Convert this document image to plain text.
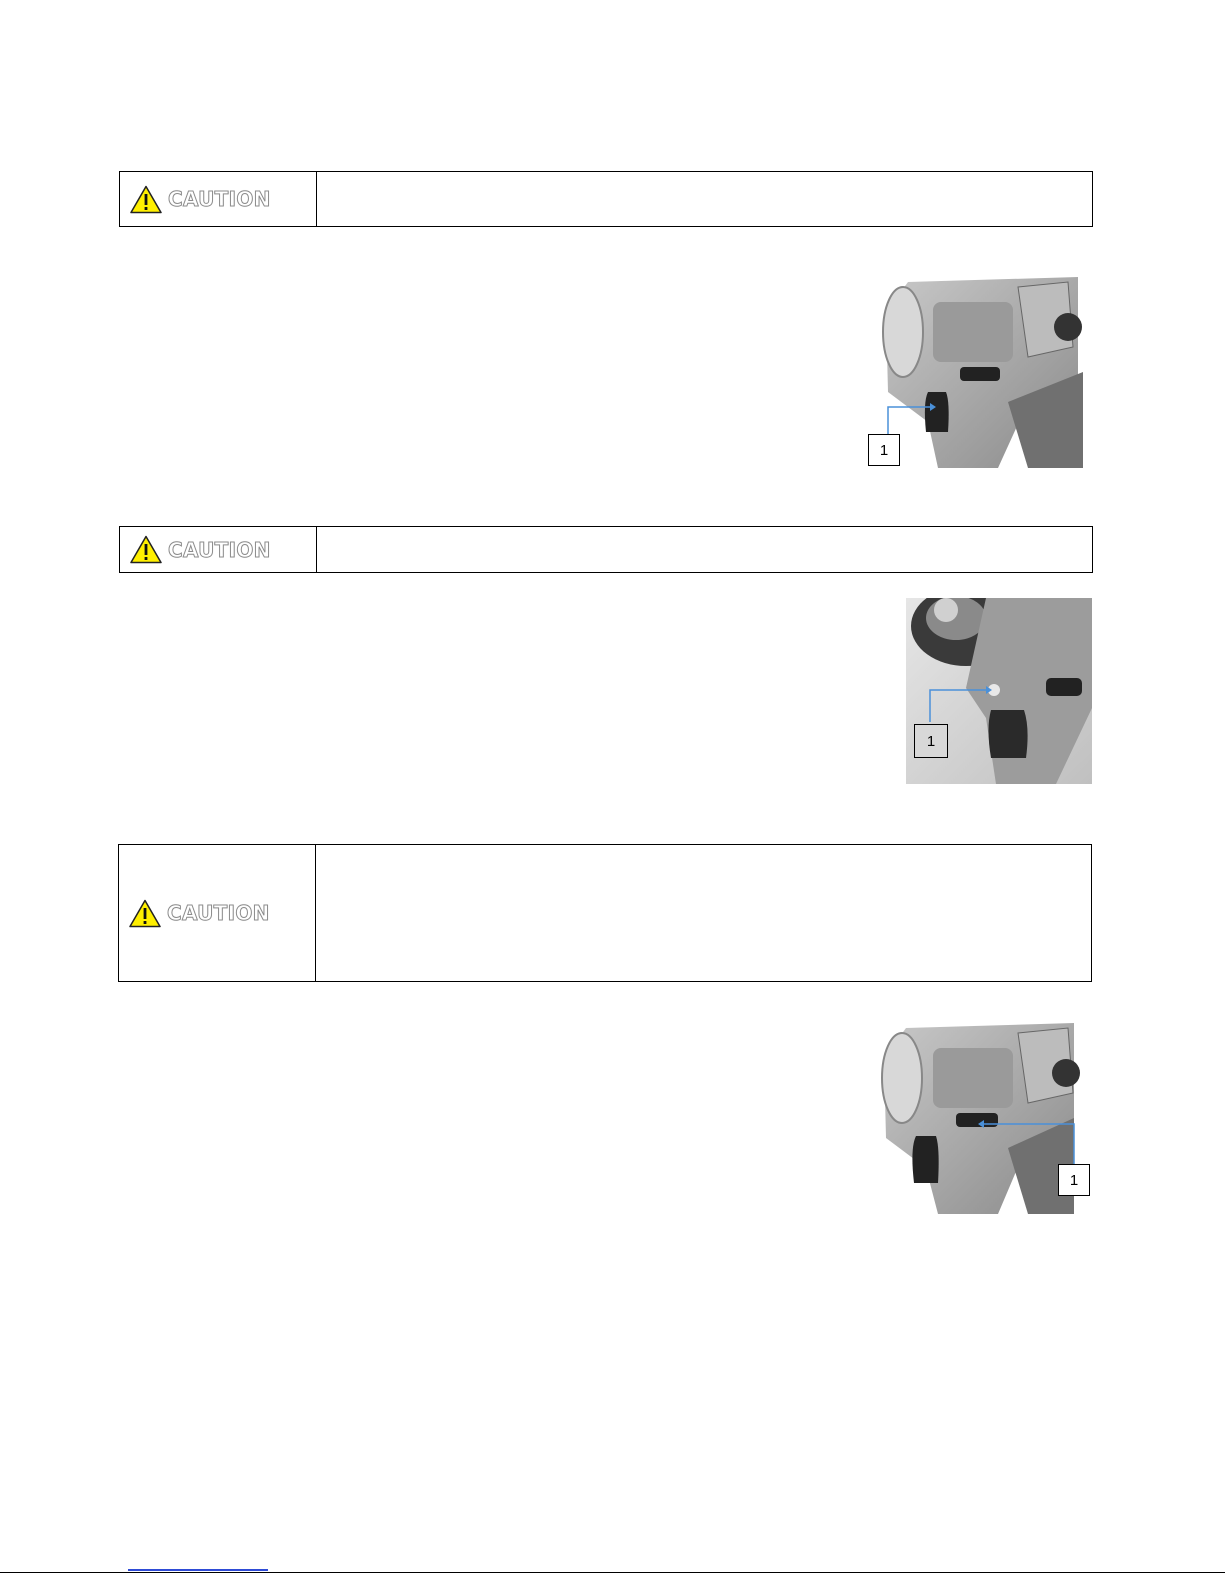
CAUTION
1
CAUTION
1
CAUTION
1
